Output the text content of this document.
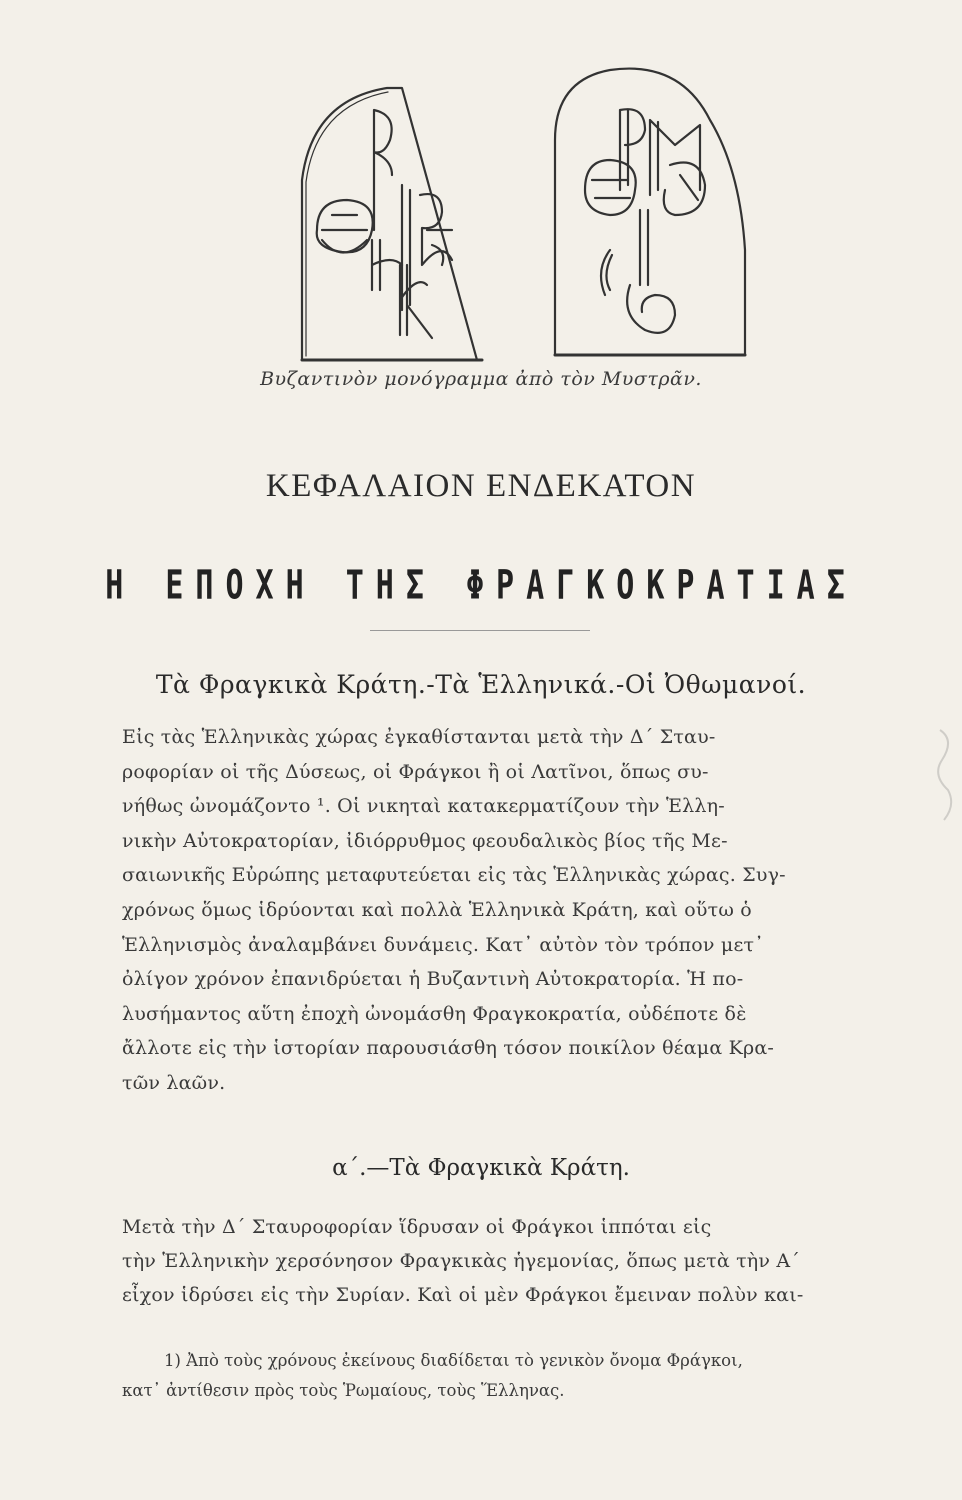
Βυζαντινὸν μονόγραμμα ἀπὸ τὸν Μυστρᾶν.
ΚΕΦΑΛΑΙΟΝ ΕΝΔΕΚΑΤΟΝ
Η ΕΠΟΧΗ ΤΗΣ ΦΡΑΓΚΟΚΡΑΤΙΑΣ
Τὰ Φραγκικὰ Κράτη.-Τὰ Ἑλληνικά.-Οἱ Ὀθωμανοί.
Εἰς τὰς Ἑλληνικὰς χώρας ἐγκαθίστανται μετὰ τὴν Δ΄ Σταυ-
ροφορίαν οἱ τῆς Δύσεως, οἱ Φράγκοι ἢ οἱ Λατῖνοι, ὅπως συ-
νήθως ὠνομάζοντο ¹. Οἱ νικηταὶ κατακερματίζουν τὴν Ἑλλη-
νικὴν Αὐτοκρατορίαν, ἰδιόρρυθμος φεουδαλικὸς βίος τῆς Με-
σαιωνικῆς Εὐρώπης μεταφυτεύεται εἰς τὰς Ἑλληνικὰς χώρας. Συγ-
χρόνως ὅμως ἱδρύονται καὶ πολλὰ Ἑλληνικὰ Κράτη, καὶ οὕτω ὁ
Ἑλληνισμὸς ἀναλαμβάνει δυνάμεις. Κατ᾽ αὐτὸν τὸν τρόπον μετ᾽
ὀλίγον χρόνον ἐπανιδρύεται ἡ Βυζαντινὴ Αὐτοκρατορία. Ἡ πο-
λυσήμαντος αὕτη ἐποχὴ ὠνομάσθη Φραγκοκρατία, οὐδέποτε δὲ
ἄλλοτε εἰς τὴν ἱστορίαν παρουσιάσθη τόσον ποικίλον θέαμα Κρα-
τῶν λαῶν.
α΄.—Τὰ Φραγκικὰ Κράτη.
Μετὰ τὴν Δ΄ Σταυροφορίαν ἵδρυσαν οἱ Φράγκοι ἱππόται εἰς
τὴν Ἑλληνικὴν χερσόνησον Φραγκικὰς ἡγεμονίας, ὅπως μετὰ τὴν Α΄
εἶχον ἱδρύσει εἰς τὴν Συρίαν. Καὶ οἱ μὲν Φράγκοι ἔμειναν πολὺν και-
1) Ἀπὸ τοὺς χρόνους ἐκείνους διαδίδεται τὸ γενικὸν ὄνομα Φράγκοι,
κατ᾽ ἀντίθεσιν πρὸς τοὺς Ῥωμαίους, τοὺς Ἕλληνας.
